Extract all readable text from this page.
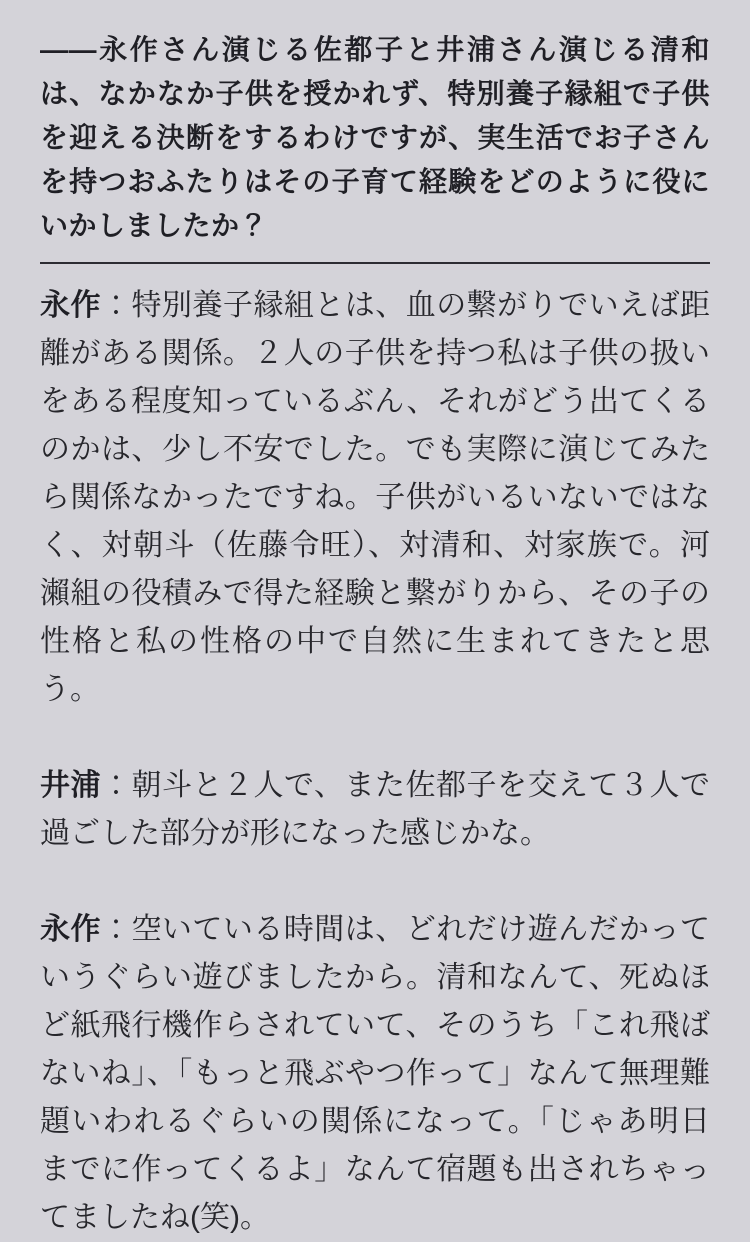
――永作さん演じる佐都子と井浦さん演じる清和は、なかなか子供を授かれず、特別養子縁組で子供を迎える決断をするわけですが、実生活でお子さんを持つおふたりはその子育て経験をどのように役にいかしましたか？

永作：特別養子縁組とは、血の繋がりでいえば距離がある関係。２人の子供を持つ私は子供の扱いをある程度知っているぶん、それがどう出てくるのかは、少し不安でした。でも実際に演じてみたら関係なかったですね。子供がいるいないではなく、対朝斗（佐藤令旺）、対清和、対家族で。河瀨組の役積みで得た経験と繋がりから、その子の性格と私の性格の中で自然に生まれてきたと思う。

井浦：朝斗と２人で、また佐都子を交えて３人で過ごした部分が形になった感じかな。

永作：空いている時間は、どれだけ遊んだかっていうぐらい遊びましたから。清和なんて、死ぬほど紙飛行機作らされていて、そのうち「これ飛ばないね」、「もっと飛ぶやつ作って」なんて無理難題いわれるぐらいの関係になって。「じゃあ明日までに作ってくるよ」なんて宿題も出されちゃってましたね(笑)。
